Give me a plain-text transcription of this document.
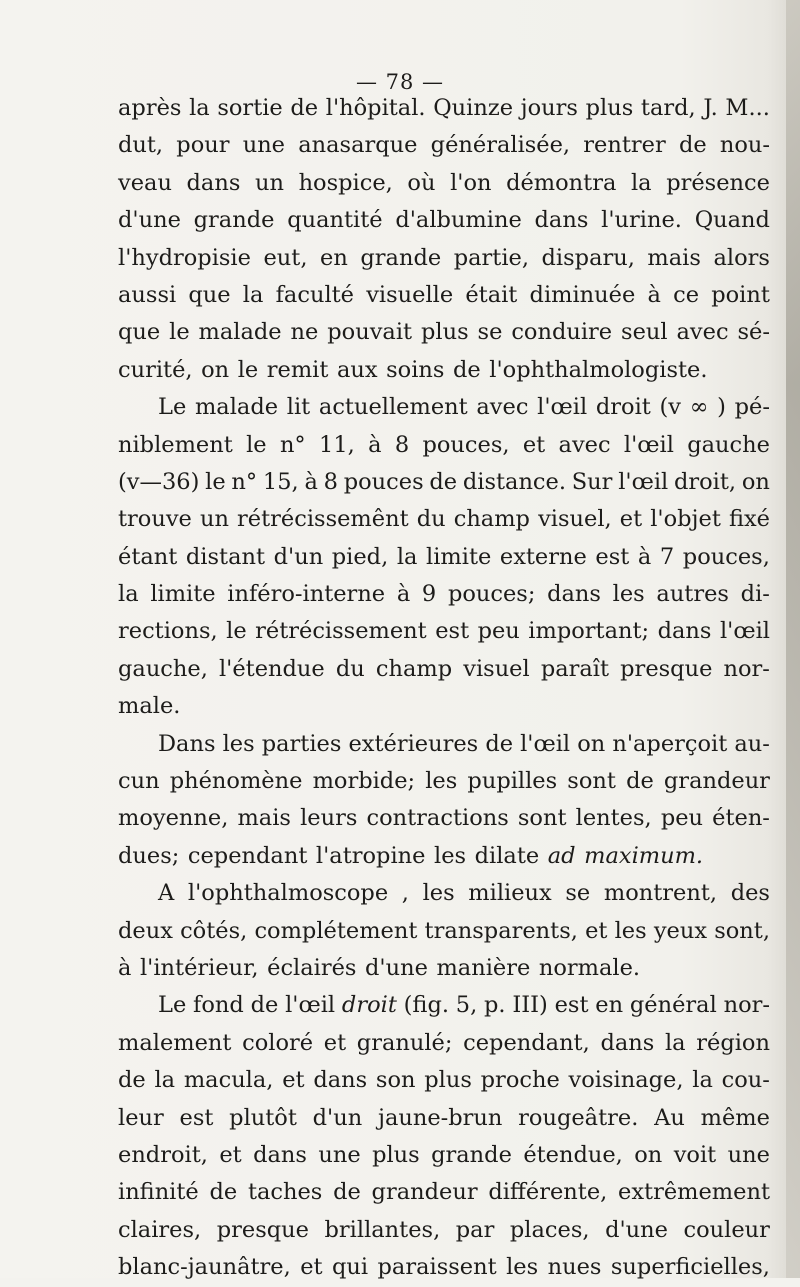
— 78 —
après la sortie de l'hôpital. Quinze jours plus tard, J. M...
dut, pour une anasarque généralisée, rentrer de nou-
veau dans un hospice, où l'on démontra la présence
d'une grande quantité d'albumine dans l'urine. Quand
l'hydropisie eut, en grande partie, disparu, mais alors
aussi que la faculté visuelle était diminuée à ce point
que le malade ne pouvait plus se conduire seul avec sé-
curité, on le remit aux soins de l'ophthalmologiste.
Le malade lit actuellement avec l'œil droit (v ∞ ) pé-
niblement le n° 11, à 8 pouces, et avec l'œil gauche
(v—36) le n° 15, à 8 pouces de distance. Sur l'œil droit, on
trouve un rétrécissemênt du champ visuel, et l'objet fixé
étant distant d'un pied, la limite externe est à 7 pouces,
la limite inféro-interne à 9 pouces; dans les autres di-
rections, le rétrécissement est peu important; dans l'œil
gauche, l'étendue du champ visuel paraît presque nor-
male.
Dans les parties extérieures de l'œil on n'aperçoit au-
cun phénomène morbide; les pupilles sont de grandeur
moyenne, mais leurs contractions sont lentes, peu éten-
dues; cependant l'atropine les dilate ad maximum.
A l'ophthalmoscope , les milieux se montrent, des
deux côtés, complétement transparents, et les yeux sont,
à l'intérieur, éclairés d'une manière normale.
Le fond de l'œil droit (fig. 5, p. III) est en général nor-
malement coloré et granulé; cependant, dans la région
de la macula, et dans son plus proche voisinage, la cou-
leur est plutôt d'un jaune-brun rougeâtre. Au même
endroit, et dans une plus grande étendue, on voit une
infinité de taches de grandeur différente, extrêmement
claires, presque brillantes, par places, d'une couleur
blanc-jaunâtre, et qui paraissent les nues superficielles,
